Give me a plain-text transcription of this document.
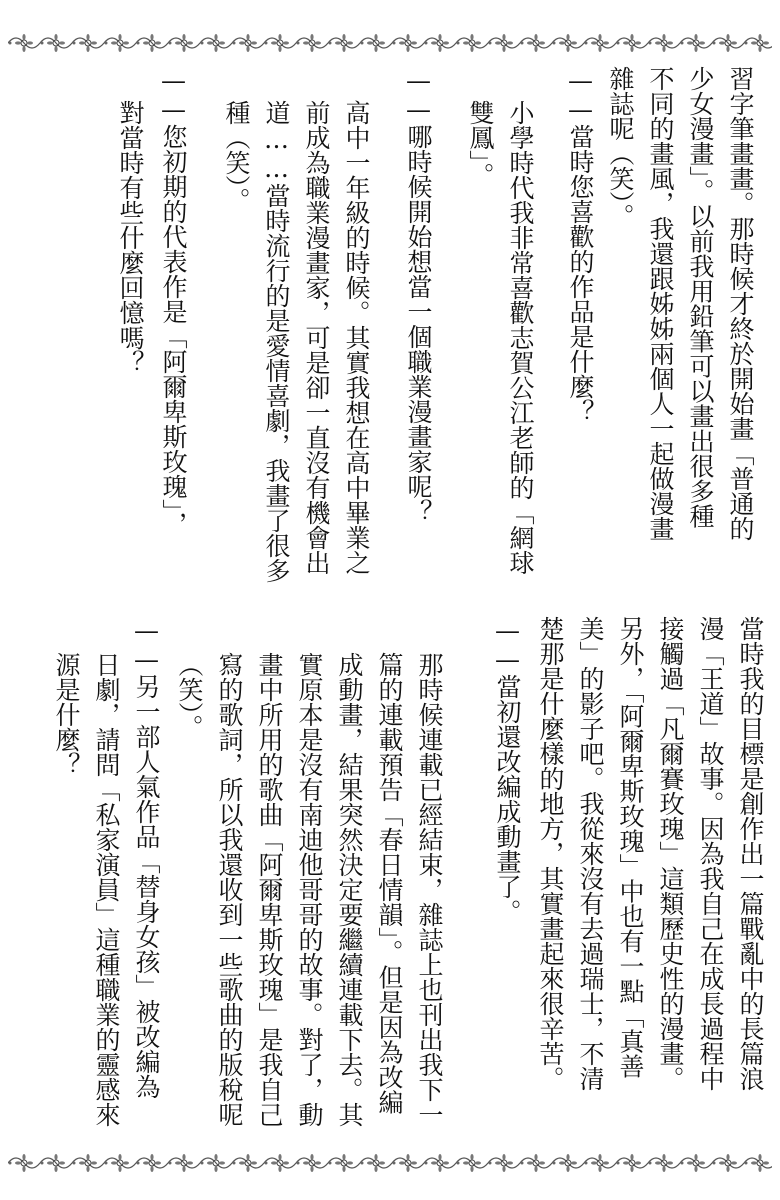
習字筆畫畫。那時候才終於開始畫「普通的
少女漫畫」。以前我用鉛筆可以畫出很多種
不同的畫風，我還跟姊姊兩個人一起做漫畫
雜誌呢（笑）。
——當時您喜歡的作品是什麼？
小學時代我非常喜歡志賀公江老師的「網球
雙鳳」。
——哪時候開始想當一個職業漫畫家呢？
高中一年級的時候。其實我想在高中畢業之
前成為職業漫畫家，可是卻一直沒有機會出
道……當時流行的是愛情喜劇，我畫了很多
種（笑）。
——您初期的代表作是「阿爾卑斯玫瑰」，
對當時有些什麼回憶嗎？
當時我的目標是創作出一篇戰亂中的長篇浪
漫「王道」故事。因為我自己在成長過程中
接觸過「凡爾賽玫瑰」這類歷史性的漫畫。
另外，「阿爾卑斯玫瑰」中也有一點「真善
美」的影子吧。我從來沒有去過瑞士，不清
楚那是什麼樣的地方，其實畫起來很辛苦。
——當初還改編成動畫了。
那時候連載已經結束，雜誌上也刊出我下一
篇的連載預告「春日情韻」。但是因為改編
成動畫，結果突然決定要繼續連載下去。其
實原本是沒有南迪他哥哥的故事。對了，動
畫中所用的歌曲「阿爾卑斯玫瑰」是我自己
寫的歌詞，所以我還收到一些歌曲的版稅呢
（笑）。
——另一部人氣作品「替身女孩」被改編為
日劇，請問「私家演員」這種職業的靈感來
源是什麼？
